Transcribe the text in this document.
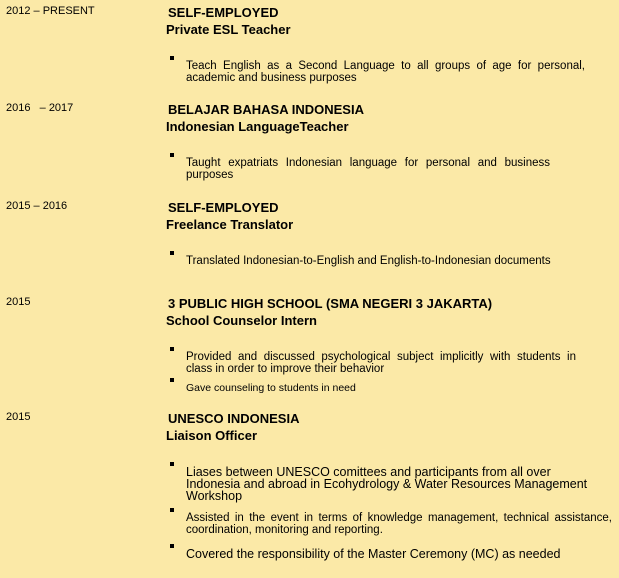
2012 – PRESENT	SELF-EMPLOYED
Private ESL Teacher
Teach English as a Second Language to all groups of age for personal, academic and business purposes
2016   – 2017	BELAJAR BAHASA INDONESIA
Indonesian LanguageTeacher
Taught expatriats Indonesian language for personal and business purposes
2015 – 2016	SELF-EMPLOYED
Freelance Translator
Translated Indonesian-to-English and English-to-Indonesian documents
2015	3 PUBLIC HIGH SCHOOL (SMA NEGERI 3 JAKARTA)
School Counselor Intern
Provided and discussed psychological subject implicitly with students in class in order to improve their behavior
Gave counseling to students in need
2015	UNESCO INDONESIA
Liaison Officer
Liases between UNESCO comittees and participants from all over Indonesia and abroad in Ecohydrology & Water Resources Management Workshop
Assisted in the event in terms of knowledge management, technical assistance, coordination, monitoring and reporting.
Covered the responsibility of the Master Ceremony (MC) as needed
